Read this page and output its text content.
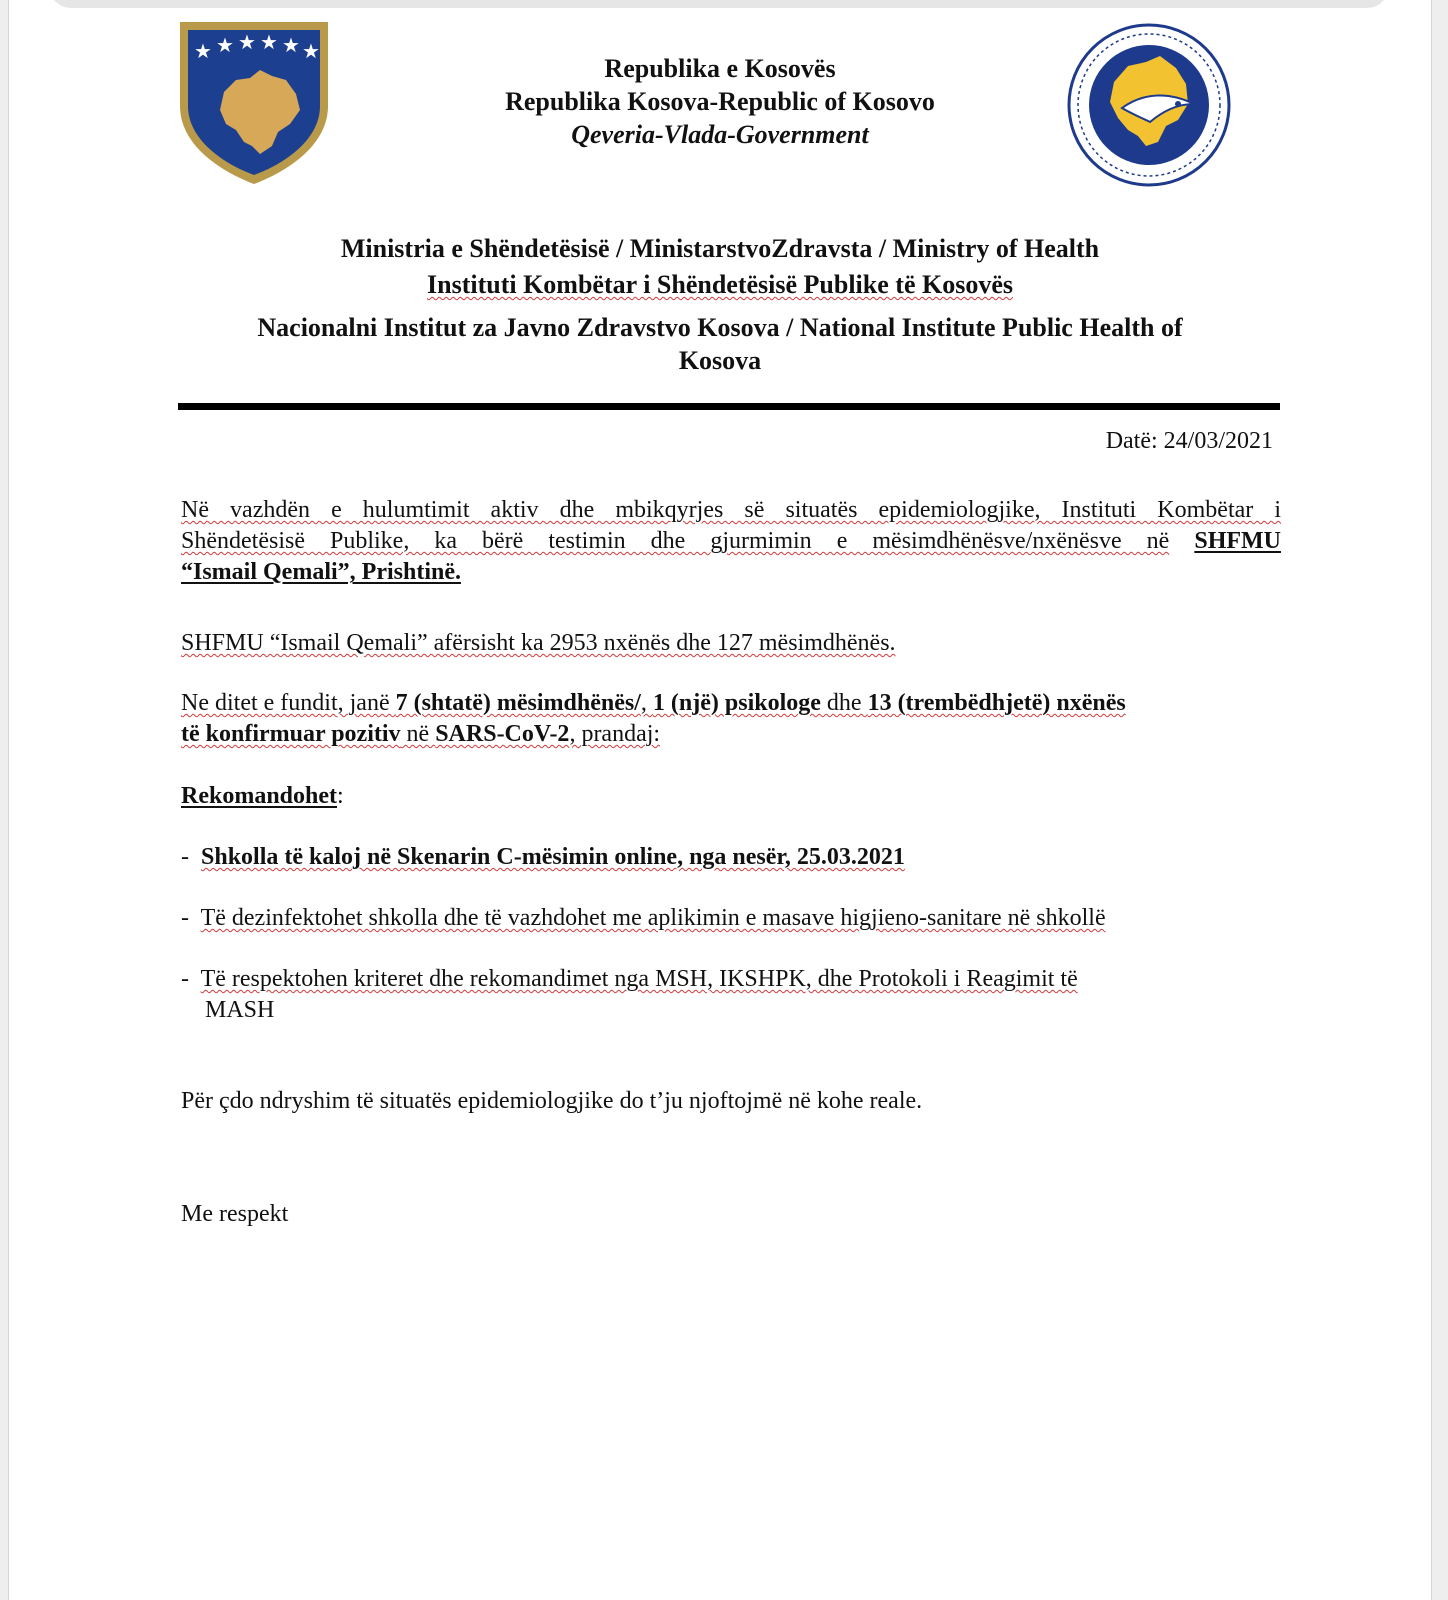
★ ★ ★ ★ ★ ★
Republika e Kosovës
Republika Kosova-Republic of Kosovo
Qeveria-Vlada-Government
Ministria e Shëndetësisë / MinistarstvoZdravsta / Ministry of Health
Instituti Kombëtar i Shëndetësisë Publike të Kosovës
Nacionalni Institut za Javno Zdravstvo Kosova / National Institute Public Health of
Kosova
Datë: 24/03/2021
Në vazhdën e hulumtimit aktiv dhe mbikqyrjes së situatës epidemiologjike, Instituti Kombëtar i
Shëndetësisë Publike, ka bërë testimin dhe gjurmimin e mësimdhënësve/nxënësve në SHFMU
“Ismail Qemali”, Prishtinë.
SHFMU “Ismail Qemali” afërsisht ka 2953 nxënës dhe 127 mësimdhënës.
Ne ditet e fundit, janë 7 (shtatë) mësimdhënës/, 1 (një) psikologe dhe 13 (trembëdhjetë) nxënës
të konfirmuar pozitiv në SARS-CoV-2, prandaj:
Rekomandohet:
- Shkolla të kaloj në Skenarin C-mësimin online, nga nesër, 25.03.2021
- Të dezinfektohet shkolla dhe të vazhdohet me aplikimin e masave higjieno-sanitare në shkollë
- Të respektohen kriteret dhe rekomandimet nga MSH, IKSHPK, dhe Protokoli i Reagimit të
MASH
Për çdo ndryshim të situatës epidemiologjike do t’ju njoftojmë në kohe reale.
Me respekt
